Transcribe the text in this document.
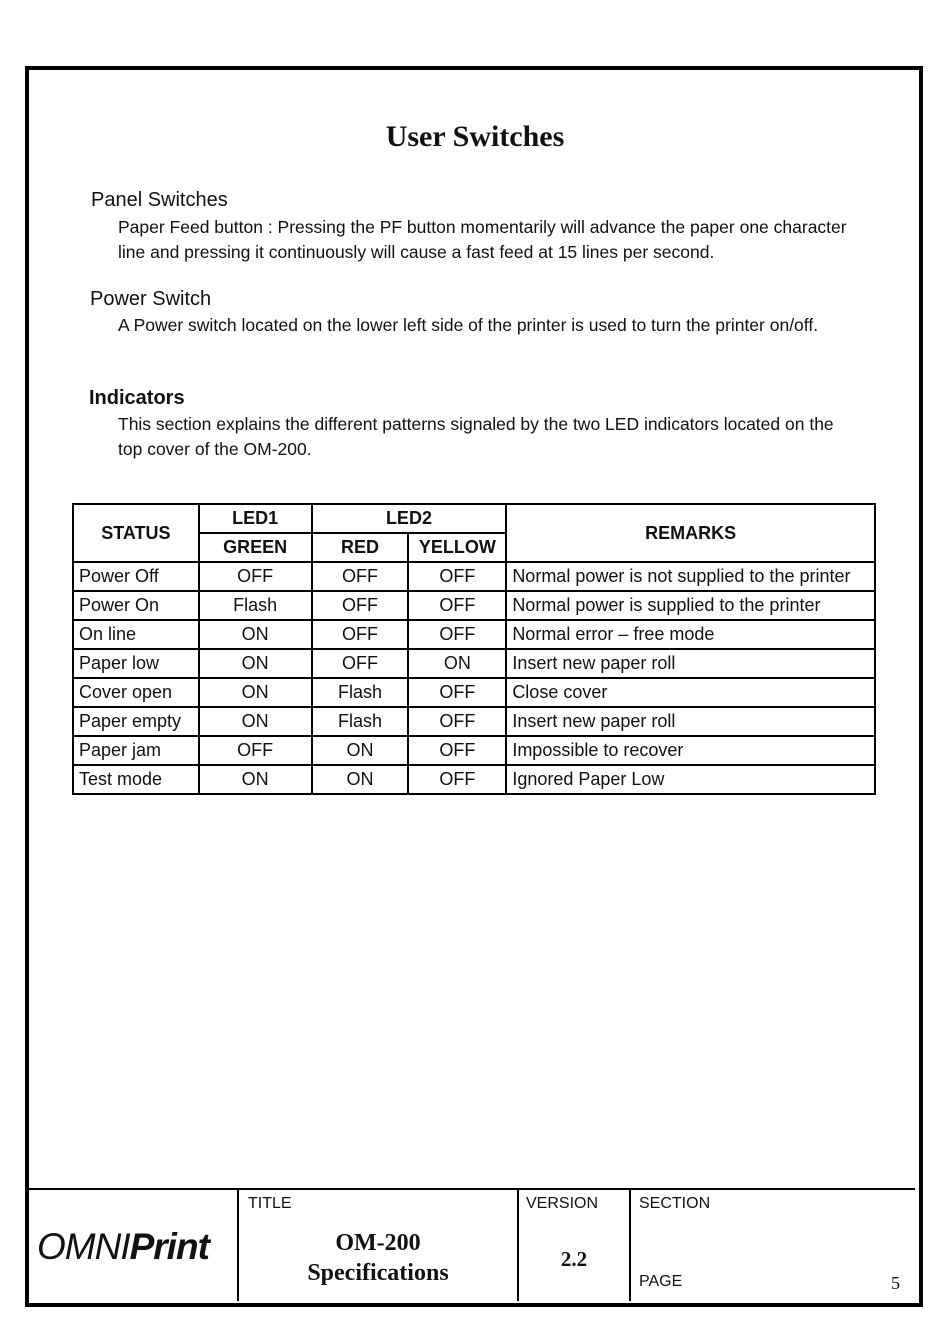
User Switches
Panel Switches
Paper Feed button : Pressing the PF button momentarily will advance the paper one character line and pressing it continuously will cause a fast feed at 15 lines per second.
Power Switch
A Power switch located on the lower left side of the printer is used to turn the printer on/off.
Indicators
This section explains the different patterns signaled by the two LED indicators located on the top cover of the OM-200.
STATUS	LED1	LED2		REMARKS
	GREEN	RED	YELLOW	
Power Off	OFF	OFF	OFF	Normal power is not supplied to the printer
Power On	Flash	OFF	OFF	Normal power is supplied to the printer
On line	ON	OFF	OFF	Normal error – free mode
Paper low	ON	OFF	ON	Insert new paper roll
Cover open	ON	Flash	OFF	Close cover
Paper empty	ON	Flash	OFF	Insert new paper roll
Paper jam	OFF	ON	OFF	Impossible to recover
Test mode	ON	ON	OFF	Ignored Paper Low
OMNIPrint
TITLE
OM-200
Specifications
VERSION
2.2
SECTION
PAGE	5
